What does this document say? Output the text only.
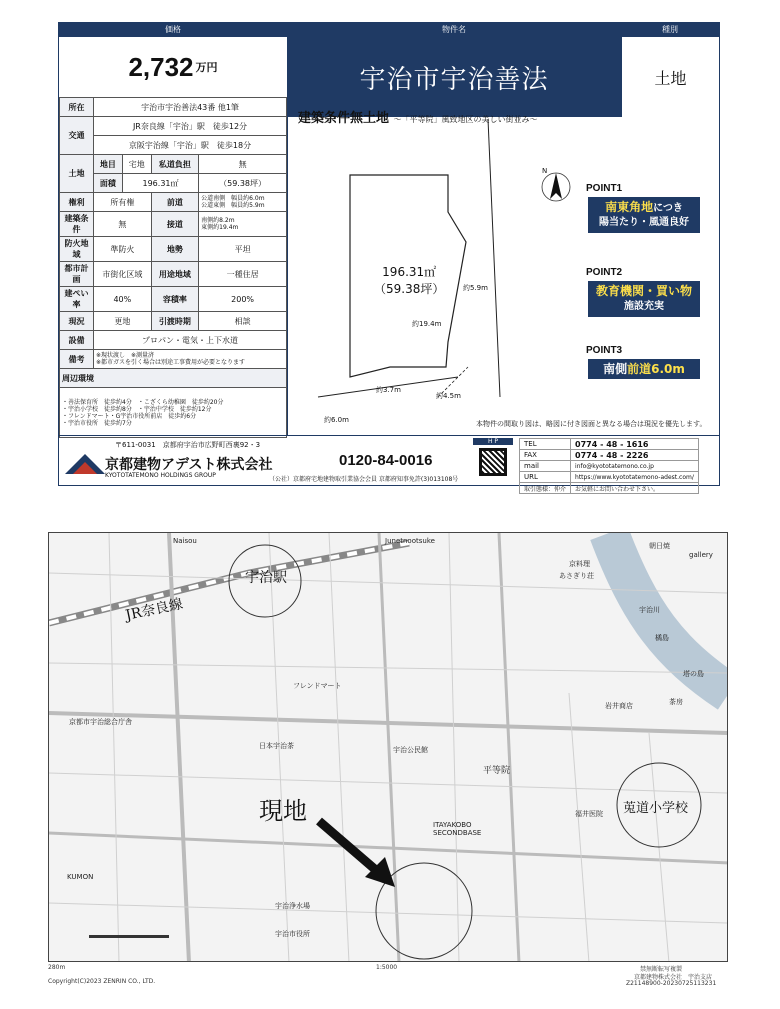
価格	物件名	種別
2,732 万円	宇治市宇治善法	土地
所在	宇治市宇治善法43番 他1筆			
交通	JR奈良線「宇治」駅　徒歩12分			
	京阪宇治線「宇治」駅　徒歩18分			
土地	地目	宅地	私道負担	無
	面積	196.31㎡		（59.38坪）
権利	所有権		前道	公道南側　幅員約6.0m
公道東側　幅員約5.9m

建築条件	無		接道	南側約8.2m
東側約19.4m

防火地域	準防火		地勢	平坦
都市計画	市街化区域		用途地域	一種住居
建ぺい率	40%		容積率	200%
現況	更地		引渡時期	相談
設備	プロパン・電気・上下水道			
備考	※現状渡し　※測量済
※都市ガスを引く場合は別途工事費用が必要となります			

周辺環境				

・善法保育所　徒歩約4分　・こざくら幼稚園　徒歩約20分
・宇治小学校　徒歩約8分　・宇治中学校　徒歩約12分
・フレンドマート・G宇治市役所前店　徒歩約6分
・宇治市役所　徒歩約7分				
建築条件無土地 ～「平等院」風致地区の美しい街並み～
N
196.31㎡
（59.38坪）	約5.9m
約19.4m
約3.7m
約4.5m
約6.0m
POINT1
南東角地につき
陽当たり・風通良好
POINT2
教育機関・買い物
施設充実
POINT3
南側前道6.0m
本物件の間取り図は、略図に付き図面と異なる場合は現況を優先します。
〒611-0031　京都府宇治市広野町西裏92・3
京都建物アデスト株式会社
KYOTOTATEMONO HOLDINGS GROUP
0120-84-0016
（公社）京都府宅地建物取引業協会会員 京都府知事免許(3)013108号
H P	TEL	0774 - 48 - 1616
FAX	0774 - 48 - 2226
mail	info@kyototatemono.co.jp
URL	https://www.kyototatemono-adest.com/
取引態様：仲介	お気軽にお問い合わせ下さい。
宇治駅
JR奈良線
現地	莵道小学校
Naisou	Junetnootsuke
朝日焼
gallery
京料理
あさぎり荘
宇治川
橘島
塔の島
京都市宇治総合庁舎
宇治市役所
日本宇治茶
茶房
ITAYAKOBO SECONDBASE
宇治浄水場
KUMON
福井医院
岩井商店
宇治公民館
フレンドマート
平等院
280m	1:5000
Copyright(C)2023 ZENRIN CO., LTD.
禁無断転写複製
京都建物株式会社　宇治支店
Z21148900-20230725113231
